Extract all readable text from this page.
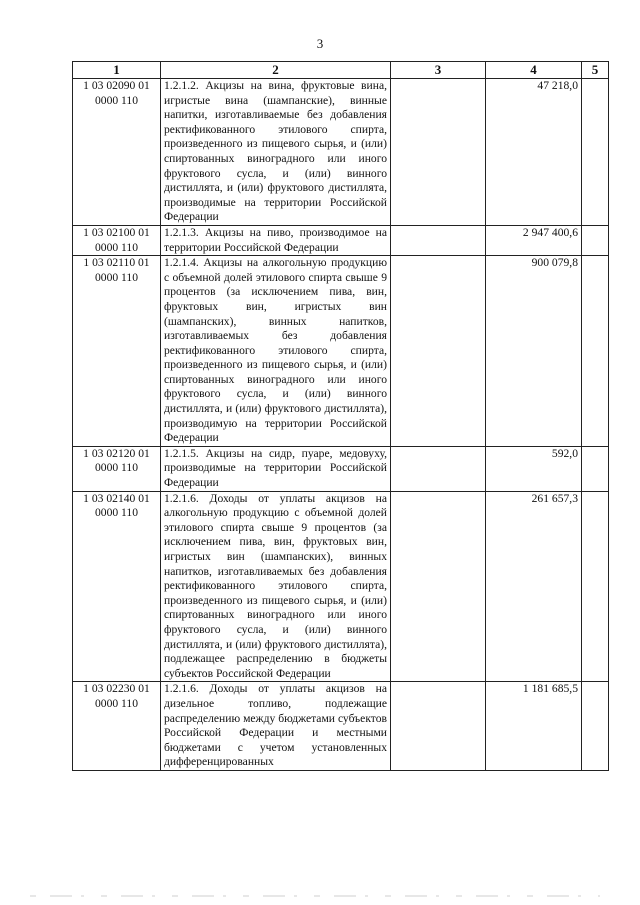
3
1	2	3	4	5
1 03 02090 01 0000 110	1.2.1.2. Акцизы на вина, фруктовые вина, игристые вина (шампанские), винные напитки, изготавливаемые без добавления ректификованного этилового спирта, произведенного из пищевого сырья, и (или) спиртованных виноградного или иного фруктового сусла, и (или) винного дистиллята, и (или) фруктового дистиллята, производимые на территории Российской Федерации		47 218,0	
1 03 02100 01 0000 110	1.2.1.3. Акцизы на пиво, производимое на территории Российской Федерации		2 947 400,6	
1 03 02110 01 0000 110	1.2.1.4. Акцизы на алкогольную продукцию с объемной долей этилового спирта свыше 9 процентов (за исключением пива, вин, фруктовых вин, игристых вин (шампанских), винных напитков, изготавливаемых без добавления ректификованного этилового спирта, произведенного из пищевого сырья, и (или) спиртованных виноградного или иного фруктового сусла, и (или) винного дистиллята, и (или) фруктового дистиллята), производимую на территории Российской Федерации		900 079,8	
1 03 02120 01 0000 110	1.2.1.5. Акцизы на сидр, пуаре, медовуху, производимые на территории Российской Федерации		592,0	
1 03 02140 01 0000 110	1.2.1.6. Доходы от уплаты акцизов на алкогольную продукцию с объемной долей этилового спирта свыше 9 процентов (за исключением пива, вин, фруктовых вин, игристых вин (шампанских), винных напитков, изготавливаемых без добавления ректификованного этилового спирта, произведенного из пищевого сырья, и (или) спиртованных виноградного или иного фруктового сусла, и (или) винного дистиллята, и (или) фруктового дистиллята), подлежащее распределению в бюджеты субъектов Российской Федерации		261 657,3	
1 03 02230 01 0000 110	1.2.1.6. Доходы от уплаты акцизов на дизельное топливо, подлежащие распределению между бюджетами субъектов Российской Федерации и местными бюджетами с учетом установленных дифференцированных		1 181 685,5	
